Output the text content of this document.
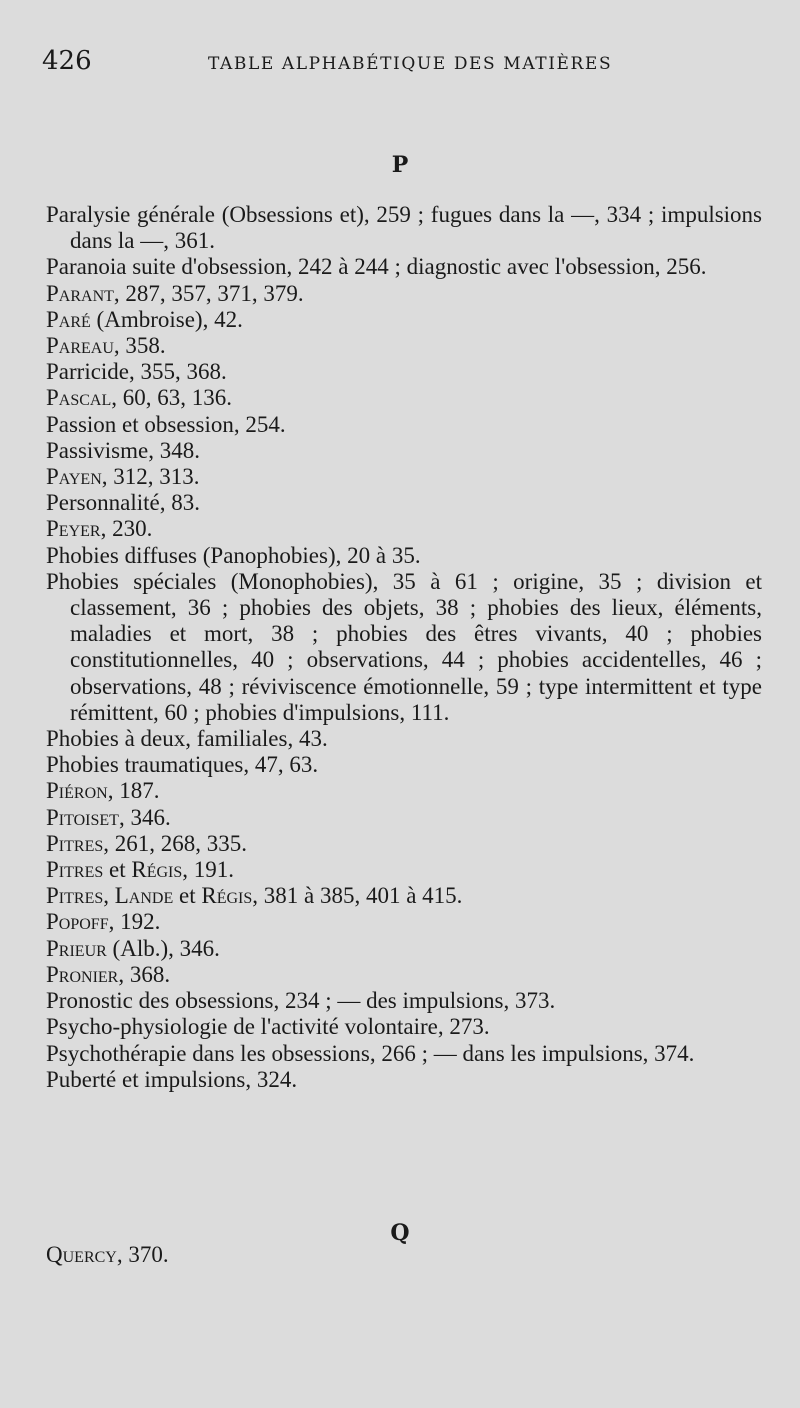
426	TABLE ALPHABÉTIQUE DES MATIÈRES
P
Paralysie générale (Obsessions et), 259 ; fugues dans la —, 334 ; impulsions dans la —, 361.
Paranoia suite d'obsession, 242 à 244 ; diagnostic avec l'obsession, 256.
Parant, 287, 357, 371, 379.
Paré (Ambroise), 42.
Pareau, 358.
Parricide, 355, 368.
Pascal, 60, 63, 136.
Passion et obsession, 254.
Passivisme, 348.
Payen, 312, 313.
Personnalité, 83.
Peyer, 230.
Phobies diffuses (Panophobies), 20 à 35.
Phobies spéciales (Monophobies), 35 à 61 ; origine, 35 ; division et classement, 36 ; phobies des objets, 38 ; phobies des lieux, éléments, maladies et mort, 38 ; phobies des êtres vivants, 40 ; phobies constitutionnelles, 40 ; observations, 44 ; phobies accidentelles, 46 ; observations, 48 ; réviviscence émotionnelle, 59 ; type intermittent et type rémittent, 60 ; phobies d'impulsions, 111.
Phobies à deux, familiales, 43.
Phobies traumatiques, 47, 63.
Piéron, 187.
Pitoiset, 346.
Pitres, 261, 268, 335.
Pitres et Régis, 191.
Pitres, Lande et Régis, 381 à 385, 401 à 415.
Popoff, 192.
Prieur (Alb.), 346.
Pronier, 368.
Pronostic des obsessions, 234 ; — des impulsions, 373.
Psycho-physiologie de l'activité volontaire, 273.
Psychothérapie dans les obsessions, 266 ; — dans les impulsions, 374.
Puberté et impulsions, 324.
Q
Quercy, 370.
